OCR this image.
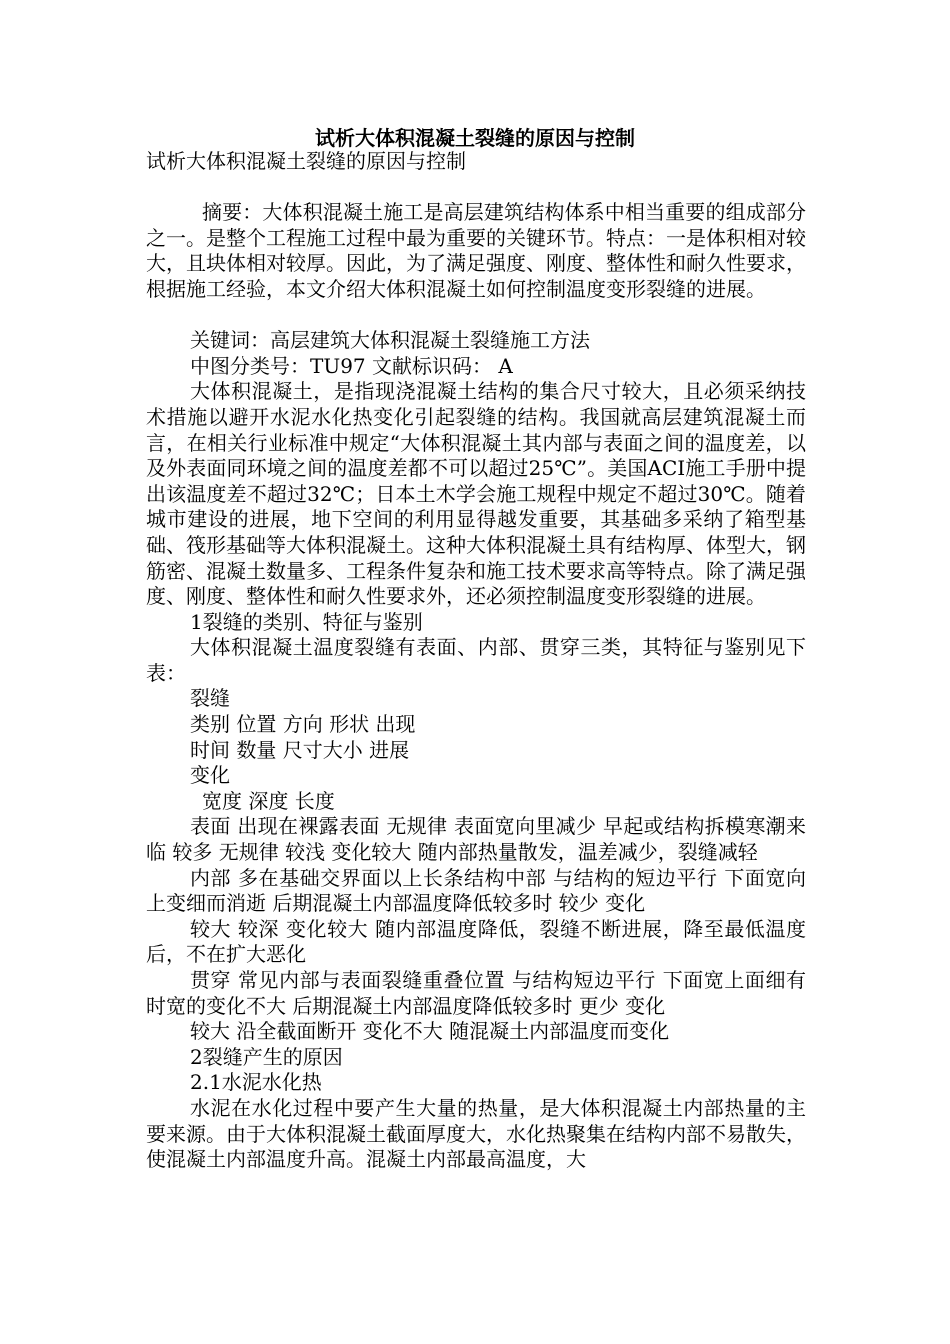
试析大体积混凝土裂缝的原因与控制

试析大体积混凝土裂缝的原因与控制

摘要：大体积混凝土施工是高层建筑结构体系中相当重要的组成部分之一。是整个工程施工过程中最为重要的关键环节。特点：一是体积相对较大，且块体相对较厚。因此，为了满足强度、刚度、整体性和耐久性要求，根据施工经验，本文介绍大体积混凝土如何控制温度变形裂缝的进展。

关键词：高层建筑大体积混凝土裂缝施工方法

中图分类号：TU97 文献标识码： A

大体积混凝土，是指现浇混凝土结构的集合尺寸较大，且必须采纳技术措施以避开水泥水化热变化引起裂缝的结构。我国就高层建筑混凝土而言，在相关行业标准中规定“大体积混凝土其内部与表面之间的温度差，以及外表面同环境之间的温度差都不可以超过25℃”。美国ACI施工手册中提出该温度差不超过32℃；日本土木学会施工规程中规定不超过30℃。随着城市建设的进展，地下空间的利用显得越发重要，其基础多采纳了箱型基础、筏形基础等大体积混凝土。这种大体积混凝土具有结构厚、体型大，钢筋密、混凝土数量多、工程条件复杂和施工技术要求高等特点。除了满足强度、刚度、整体性和耐久性要求外，还必须控制温度变形裂缝的进展。

1裂缝的类别、特征与鉴别

大体积混凝土温度裂缝有表面、内部、贯穿三类，其特征与鉴别见下表：

裂缝

类别 位置 方向 形状 出现

时间 数量 尺寸大小 进展

变化

宽度 深度 长度

表面 出现在裸露表面 无规律 表面宽向里减少 早起或结构拆模寒潮来临 较多 无规律 较浅 变化较大 随内部热量散发，温差减少，裂缝减轻

内部 多在基础交界面以上长条结构中部 与结构的短边平行 下面宽向上变细而消逝 后期混凝土内部温度降低较多时 较少 变化

较大 较深 变化较大 随内部温度降低，裂缝不断进展，降至最低温度后，不在扩大恶化

贯穿 常见内部与表面裂缝重叠位置 与结构短边平行 下面宽上面细有时宽的变化不大 后期混凝土内部温度降低较多时 更少 变化

较大 沿全截面断开 变化不大 随混凝土内部温度而变化

2裂缝产生的原因

2.1水泥水化热

水泥在水化过程中要产生大量的热量，是大体积混凝土内部热量的主要来源。由于大体积混凝土截面厚度大，水化热聚集在结构内部不易散失，使混凝土内部温度升高。混凝土内部最高温度，大
